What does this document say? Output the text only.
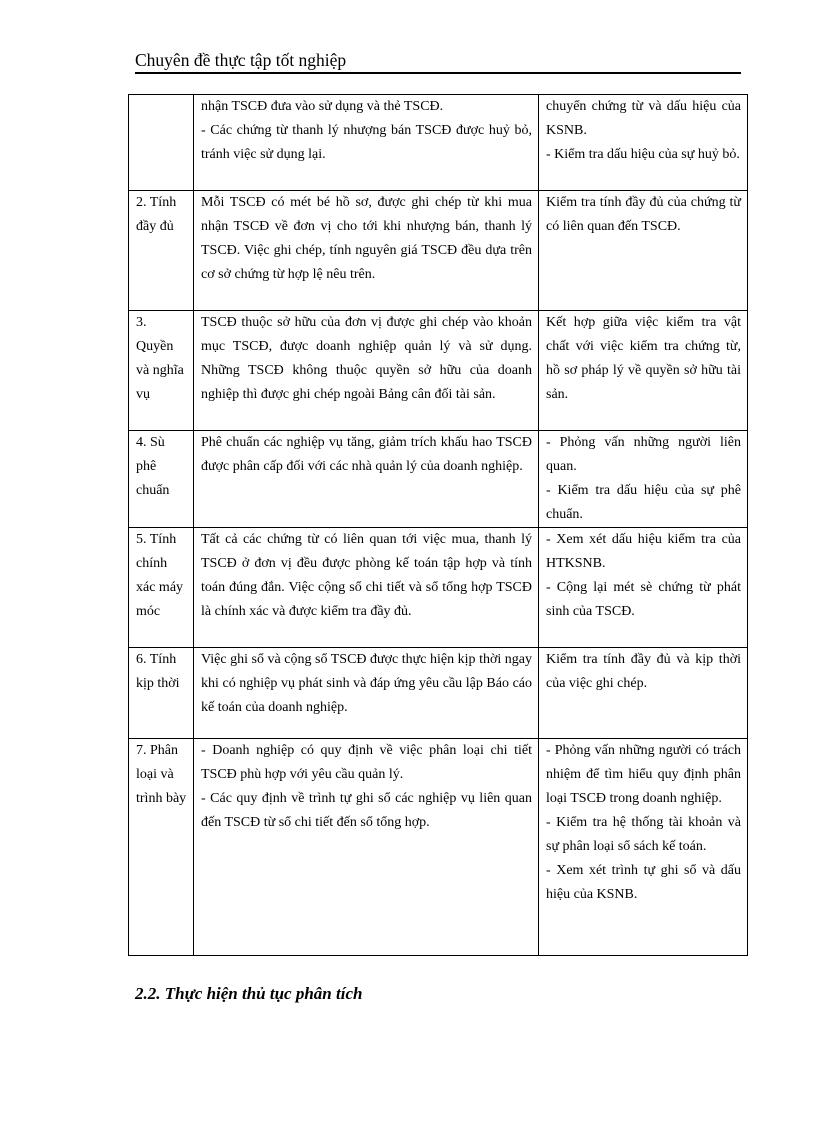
Chuyên đề thực tập tốt nghiệp

	nhận TSCĐ đưa vào sử dụng và thẻ TSCĐ.
- Các chứng từ thanh lý nhượng bán TSCĐ được huỷ bỏ, tránh việc sử dụng lại.	chuyển chứng từ và dấu hiệu của KSNB.
- Kiểm tra dấu hiệu của sự huỷ bỏ.

2. Tính đầy đủ	Mỗi TSCĐ có mét bé hồ sơ, được ghi chép từ khi mua nhận TSCĐ về đơn vị cho tới khi nhượng bán, thanh lý TSCĐ. Việc ghi chép, tính nguyên giá TSCĐ đều dựa trên cơ sở chứng từ hợp lệ nêu trên.	Kiểm tra tính đầy đủ của chứng từ có liên quan đến TSCĐ.

3. Quyền và nghĩa vụ	TSCĐ thuộc sở hữu của đơn vị được ghi chép vào khoản mục TSCĐ, được doanh nghiệp quản lý và sử dụng. Những TSCĐ không thuộc quyền sở hữu của doanh nghiệp thì được ghi chép ngoài Bảng cân đối tài sản.	Kết hợp giữa việc kiểm tra vật chất với việc kiểm tra chứng từ, hồ sơ pháp lý về quyền sở hữu tài sản.

4. Sù phê chuẩn	Phê chuẩn các nghiệp vụ tăng, giảm trích khấu hao TSCĐ được phân cấp đối với các nhà quản lý của doanh nghiệp.	- Phỏng vấn những người liên quan.
- Kiểm tra dấu hiệu của sự phê chuẩn.

5. Tính chính xác máy móc	Tất cả các chứng từ có liên quan tới việc mua, thanh lý TSCĐ ở đơn vị đều được phòng kế toán tập hợp và tính toán đúng đắn. Việc cộng sổ chi tiết và sổ tổng hợp TSCĐ là chính xác và được kiểm tra đầy đủ.	- Xem xét dấu hiệu kiểm tra của HTKSNB.
- Cộng lại mét sè chứng từ phát sinh của TSCĐ.

6. Tính kịp thời	Việc ghi sổ và cộng sổ TSCĐ được thực hiện kịp thời ngay khi có nghiệp vụ phát sinh và đáp ứng yêu cầu lập Báo cáo kế toán của doanh nghiệp.	Kiểm tra tính đầy đủ và kịp thời của việc ghi chép.

7. Phân loại và trình bày	- Doanh nghiệp có quy định về việc phân loại chi tiết TSCĐ phù hợp với yêu cầu quản lý.
- Các quy định về trình tự ghi sổ các nghiệp vụ liên quan đến TSCĐ từ sổ chi tiết đến sổ tổng hợp.	- Phỏng vấn những người có trách nhiệm để tìm hiểu quy định phân loại TSCĐ trong doanh nghiệp.
- Kiểm tra hệ thống tài khoản và sự phân loại sổ sách kế toán.
- Xem xét trình tự ghi sổ và dấu hiệu của KSNB.
2.2. Thực hiện thủ tục phân tích
